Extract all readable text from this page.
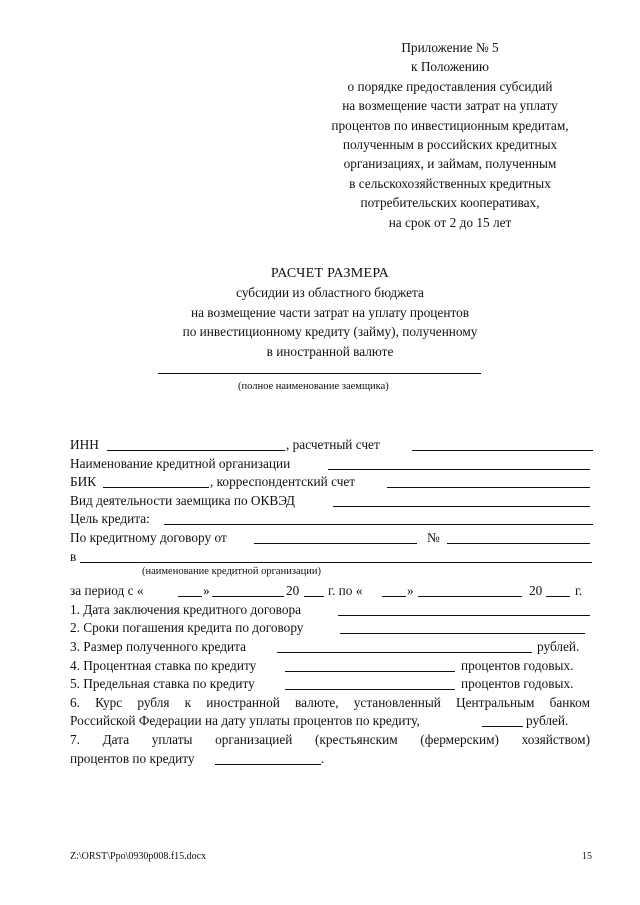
Приложение № 5
к Положению
о порядке предоставления субсидий
на возмещение части затрат на уплату
процентов по инвестиционным кредитам,
полученным в российских кредитных
организациях, и займам, полученным
в сельскохозяйственных кредитных
потребительских кооперативах,
на срок от 2 до 15 лет
РАСЧЕТ РАЗМЕРА
субсидии из областного бюджета
на возмещение части затрат на уплату процентов
по инвестиционному кредиту (займу), полученному
в иностранной валюте
(полное наименование заемщика)
ИНН	, расчетный счет
Наименование кредитной организации
БИК	, корреспондентский счет
Вид деятельности заемщика по ОКВЭД
Цель кредита:
По кредитному договору от	№
в
(наименование кредитной организации)
за период с «	»	20 г. по «	»	20 г.
1. Дата заключения кредитного договора
2. Сроки погашения кредита по договору
3. Размер полученного кредита	рублей.
4. Процентная ставка по кредиту	процентов годовых.
5. Предельная ставка по кредиту	процентов годовых.
6. Курс рубля к иностранной валюте, установленный Центральным банком
Российской Федерации на дату уплаты процентов по кредиту,	рублей.
7. Дата уплаты организацией (крестьянским (фермерским) хозяйством)
процентов по кредиту	.
Z:\ORST\Ppo\0930p008.f15.docx	15
